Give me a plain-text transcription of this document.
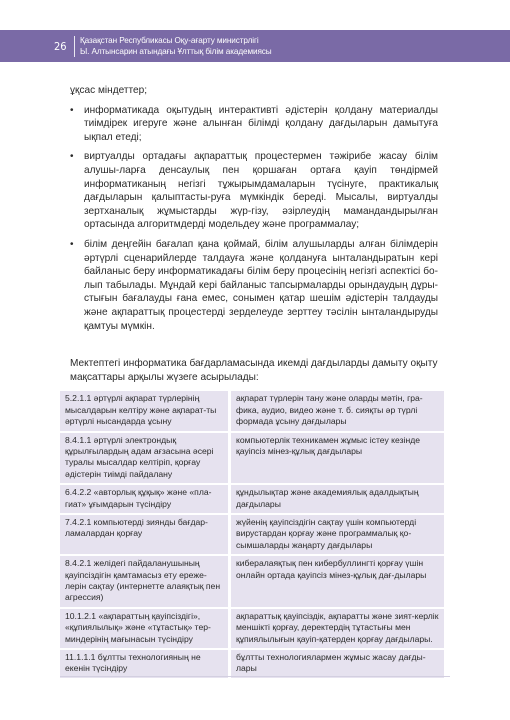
26 Қазақстан Республикасы Оқу-ағарту министрлігі
Ы. Алтынсарин атындағы Ұлттық білім академиясы

ұқсас міндеттер;

• информатикада оқытудың интерактивті әдістерін қолдану материалды тиімдірек игеруге және алынған білімді қолдану дағдыларын дамытуға ықпал етеді;
• виртуалды ортадағы ақпараттық процестермен тәжірибе жасау білім алушы-ларға денсаулық пен қоршаған ортаға қауіп төндірмей информатиканың негізгі тұжырымдамаларын түсінуге, практикалық дағдыларын қалыптасты-руға мүмкіндік береді. Мысалы, виртуалды зертханалық жұмыстарды жүр-гізу, әзірлеудің мамандандырылған ортасында алгоритмдерді модельдеу және программалау;
• білім деңгейін бағалап қана қоймай, білім алушыларды алған білімдерін әртүрлі сценарийлерде талдауға және қолдануға ынталандыратын кері байланыс беру информатикадағы білім беру процесінің негізгі аспектісі бо-лып табылады. Мұндай кері байланыс тапсырмаларды орындаудың дұры-стығын бағалауды ғана емес, сонымен қатар шешім әдістерін талдауды және ақпараттық процестерді зерделеуде зерттеу тәсілін ынталандыруды қамтуы мүмкін.

Мектептегі информатика бағдарламасында икемді дағдыларды дамыту оқыту мақсаттары арқылы жүзеге асырылады:

5.2.1.1 әртүрлі ақпарат түрлерінің мысалдарын келтіру және ақпарат-ты әртүрлі нысандарда ұсыну	ақпарат түрлерін тану және оларды мәтін, гра-фика, аудио, видео және т. б. сияқты әр түрлі формада ұсыну дағдылары
8.4.1.1 әртүрлі электрондық құрылғылардың адам ағзасына әсері туралы мысалдар келтіріп, қорғау әдістерін тиімді пайдалану	компьютерлік техникамен жұмыс істеу кезінде қауіпсіз мінез-құлық дағдылары
6.4.2.2 «авторлық құқық» және «пла-гиат» ұғымдарын түсіндіру	құндылықтар және академиялық адалдықтың дағдылары
7.4.2.1 компьютерді зиянды бағдар-ламалардан қорғау	жүйенің қауіпсіздігін сақтау үшін компьютерді вирустардан қорғау және программалық қо-сымшаларды жаңарту дағдылары
8.4.2.1 желідегі пайдаланушының қауіпсіздігін қамтамасыз ету ереже-лерін сақтау (интернетте алаяқтық пен агрессия)	кибералаяқтық пен кибербуллингті қорғау үшін онлайн ортада қауіпсіз мінез-құлық дағ-дылары
10.1.2.1 «ақпараттың қауіпсіздігі», «құпиялылық» және «тұтастық» тер-миндерінің мағынасын түсіндіру	ақпараттық қауіпсіздік, ақпаратты және зият-керлік меншікті қорғау, деректердің тұтастығы мен құпиялылығын қауіп-қатерден қорғау дағдылары.
11.1.1.1 бұлтты технологияның не екенін түсіндіру	бұлтты технологиялармен жұмыс жасау дағды-лары
